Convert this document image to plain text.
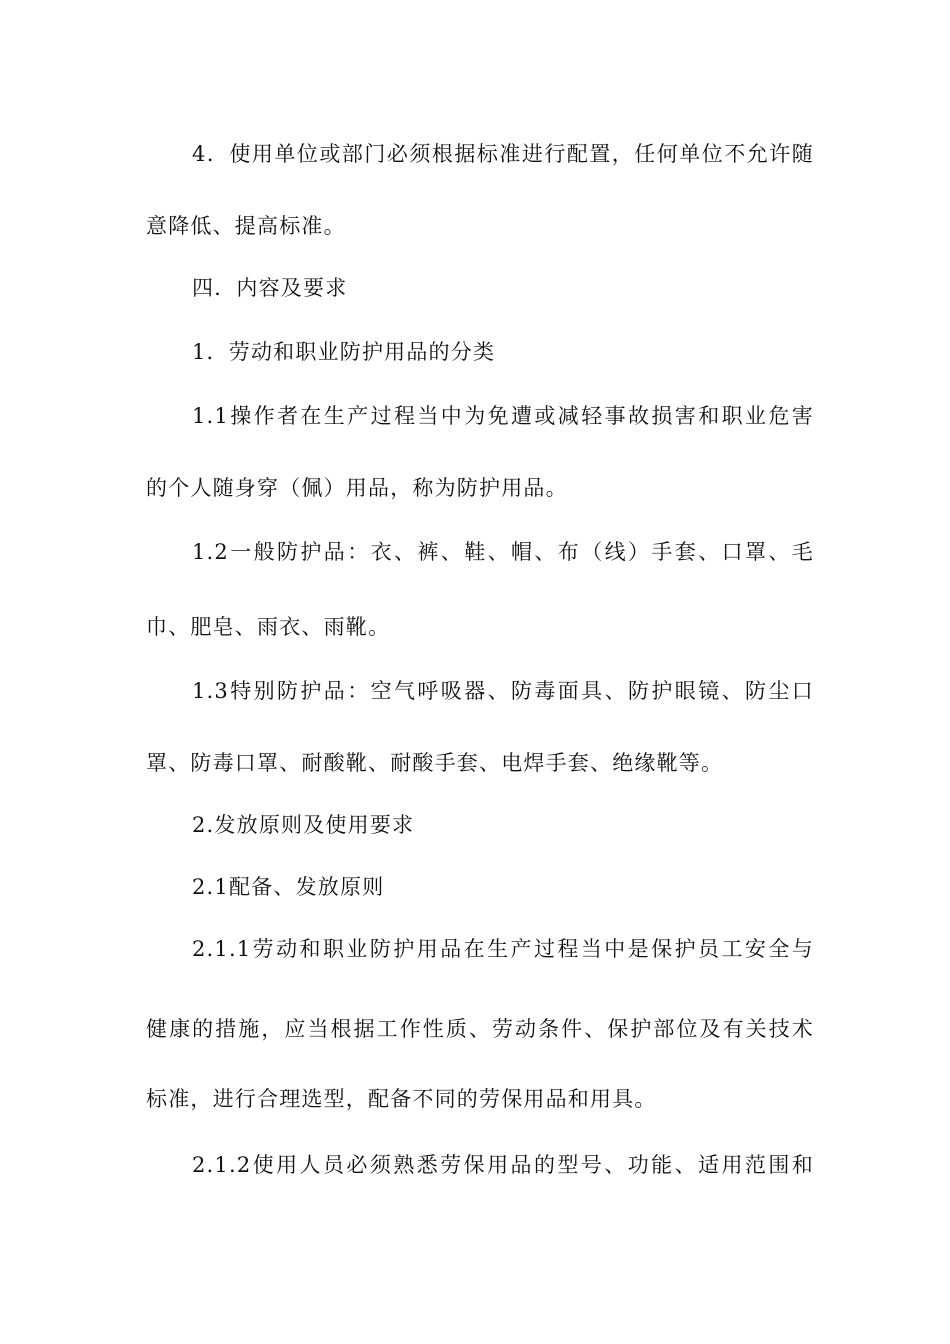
4．使用单位或部门必须根据标准进行配置，任何单位不允许随
意降低、提高标准。
四．内容及要求
1．劳动和职业防护用品的分类
1.1操作者在生产过程当中为免遭或减轻事故损害和职业危害
的个人随身穿（佩）用品，称为防护用品。
1.2一般防护品：衣、裤、鞋、帽、布（线）手套、口罩、毛
巾、肥皂、雨衣、雨靴。
1.3特别防护品：空气呼吸器、防毒面具、防护眼镜、防尘口
罩、防毒口罩、耐酸靴、耐酸手套、电焊手套、绝缘靴等。
2.发放原则及使用要求
2.1配备、发放原则
2.1.1劳动和职业防护用品在生产过程当中是保护员工安全与
健康的措施，应当根据工作性质、劳动条件、保护部位及有关技术
标准，进行合理选型，配备不同的劳保用品和用具。
2.1.2使用人员必须熟悉劳保用品的型号、功能、适用范围和
